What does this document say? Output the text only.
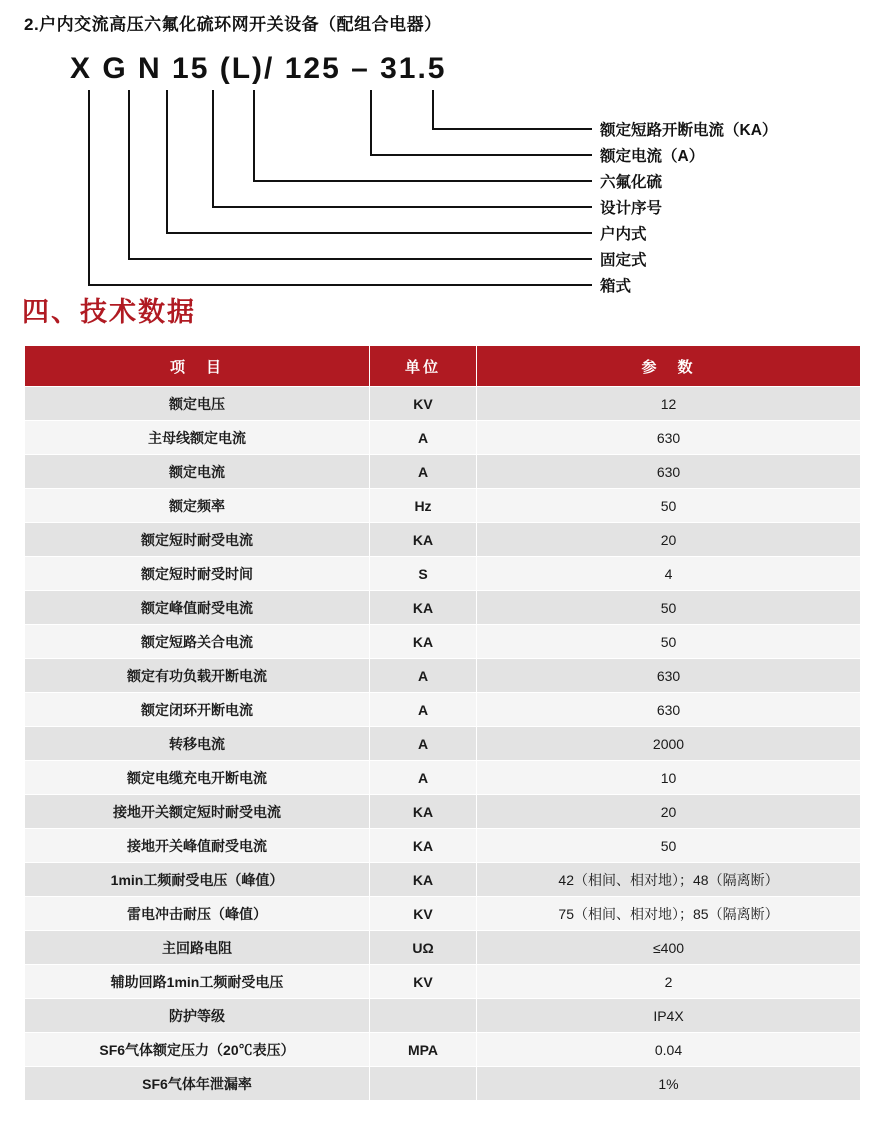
2.户内交流高压六氟化硫环网开关设备（配组合电器）
X G N 15 (L)/ 125 – 31.5
额定短路开断电流（KA）
额定电流（A）
六氟化硫
设计序号
户内式
固定式
箱式
四、技术数据
项　目	单位	参　数
额定电压	KV	12
主母线额定电流	A	630
额定电流	A	630
额定频率	Hz	50
额定短时耐受电流	KA	20
额定短时耐受时间	S	4
额定峰值耐受电流	KA	50
额定短路关合电流	KA	50
额定有功负载开断电流	A	630
额定闭环开断电流	A	630
转移电流	A	2000
额定电缆充电开断电流	A	10
接地开关额定短时耐受电流	KA	20
接地开关峰值耐受电流	KA	50
1min工频耐受电压（峰值）	KA	42（相间、相对地）；48（隔离断）
雷电冲击耐压（峰值）	KV	75（相间、相对地）；85（隔离断）
主回路电阻	UΩ	≤400
辅助回路1min工频耐受电压	KV	2
防护等级		IP4X
SF6气体额定压力（20℃表压）	MPA	0.04
SF6气体年泄漏率		1%
